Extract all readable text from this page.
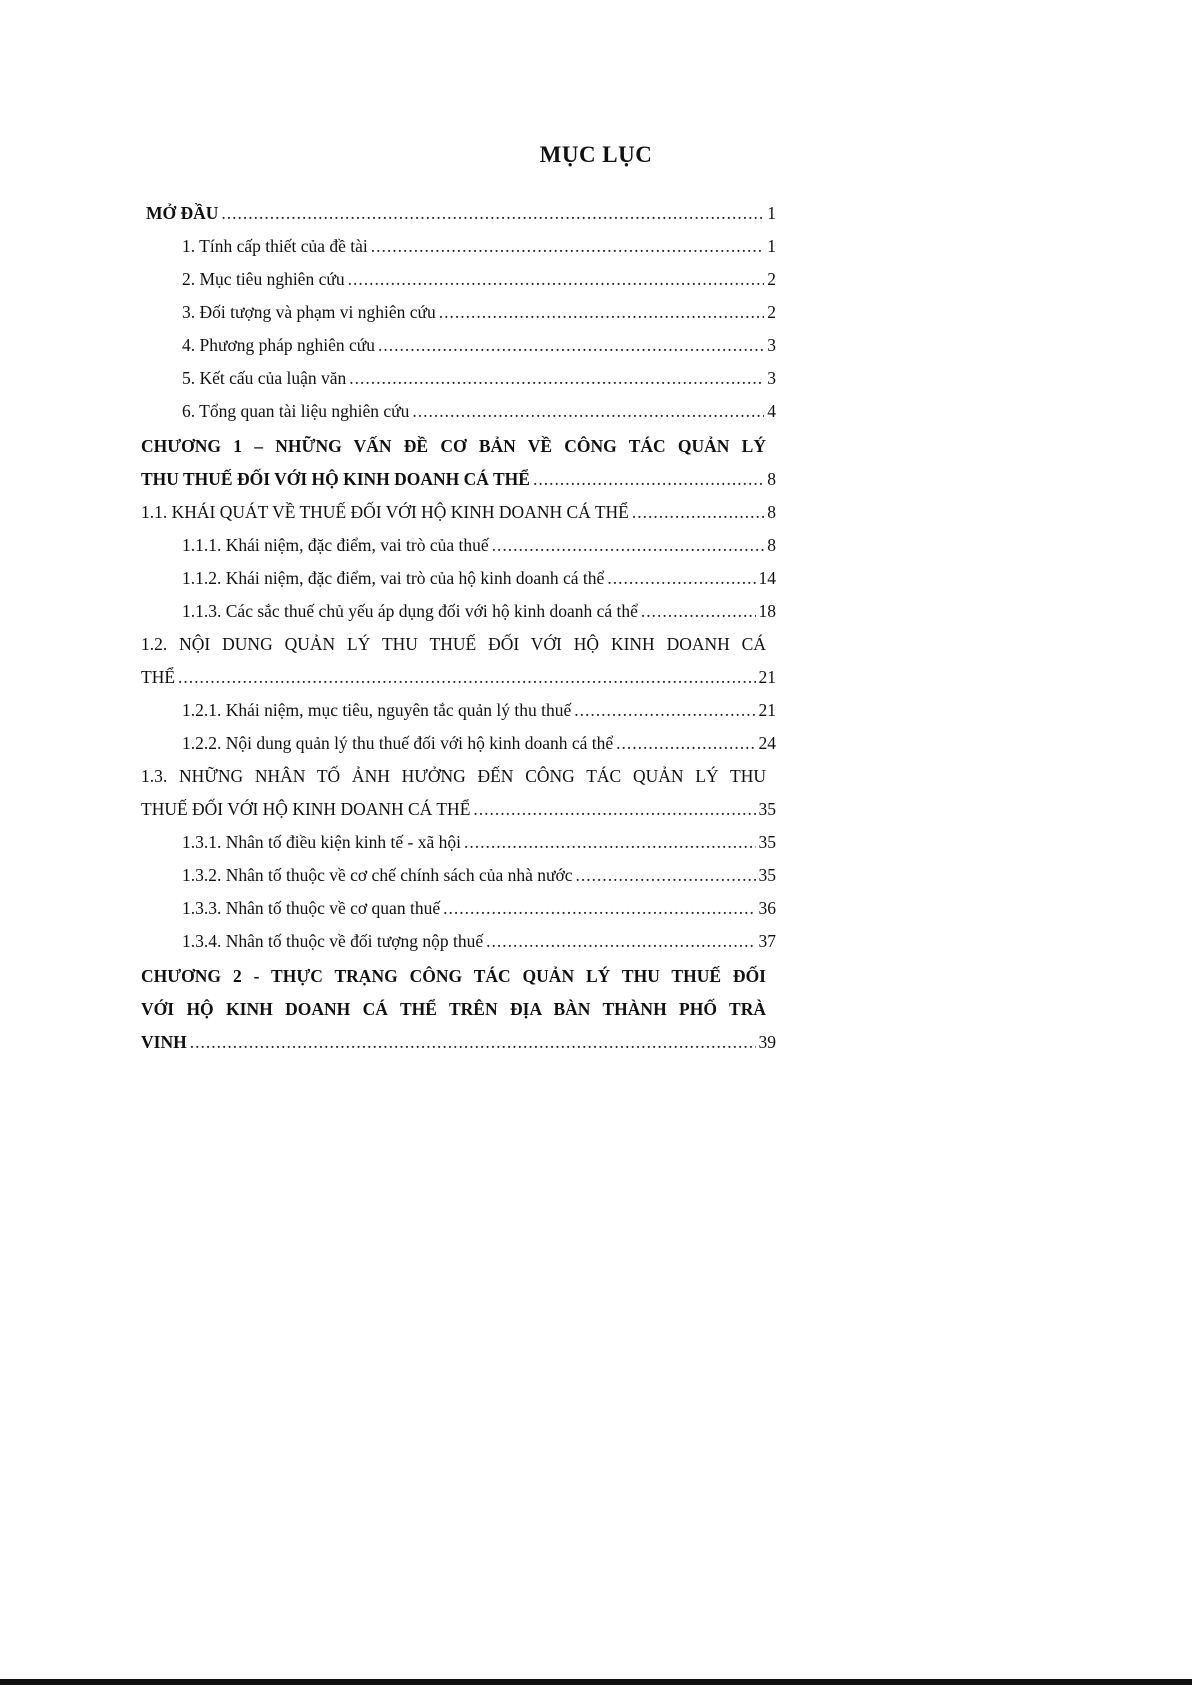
MỤC LỤC
MỞ ĐẦU .....	1
1. Tính cấp thiết của đề tài .....	1
2. Mục tiêu nghiên cứu .....	2
3. Đối tượng và phạm vi nghiên cứu .....	2
4. Phương pháp nghiên cứu .....	3
5. Kết cấu của luận văn .....	3
6. Tổng quan tài liệu nghiên cứu .....	4
CHƯƠNG 1 – NHỮNG VẤN ĐỀ CƠ BẢN VỀ CÔNG TÁC QUẢN LÝ
THU THUẾ ĐỐI VỚI HỘ KINH DOANH CÁ THỂ .....	8
1.1. KHÁI QUÁT VỀ THUẾ ĐỐI VỚI HỘ KINH DOANH CÁ THỂ .....	8
1.1.1. Khái niệm, đặc điểm, vai trò của thuế .....	8
1.1.2. Khái niệm, đặc điểm, vai trò của hộ kinh doanh cá thể .....	14
1.1.3. Các sắc thuế chủ yếu áp dụng đối với hộ kinh doanh cá thể .....	18
1.2. NỘI DUNG QUẢN LÝ THU THUẾ ĐỐI VỚI HỘ KINH DOANH CÁ
THỂ .....	21
1.2.1. Khái niệm, mục tiêu, nguyên tắc quản lý thu thuế .....	21
1.2.2. Nội dung quản lý thu thuế đối với hộ kinh doanh cá thể .....	24
1.3. NHỮNG NHÂN TỐ ẢNH HƯỞNG ĐẾN CÔNG TÁC QUẢN LÝ THU
THUẾ ĐỐI VỚI HỘ KINH DOANH CÁ THỂ .....	35
1.3.1. Nhân tố điều kiện kinh tế - xã hội .....	35
1.3.2. Nhân tố thuộc về cơ chế chính sách của nhà nước .....	35
1.3.3. Nhân tố thuộc về cơ quan thuế .....	36
1.3.4. Nhân tố thuộc về đối tượng nộp thuế .....	37
CHƯƠNG 2 - THỰC TRẠNG CÔNG TÁC QUẢN LÝ THU THUẾ ĐỐI
VỚI HỘ KINH DOANH CÁ THỂ TRÊN ĐỊA BÀN THÀNH PHỐ TRÀ
VINH .....	39
